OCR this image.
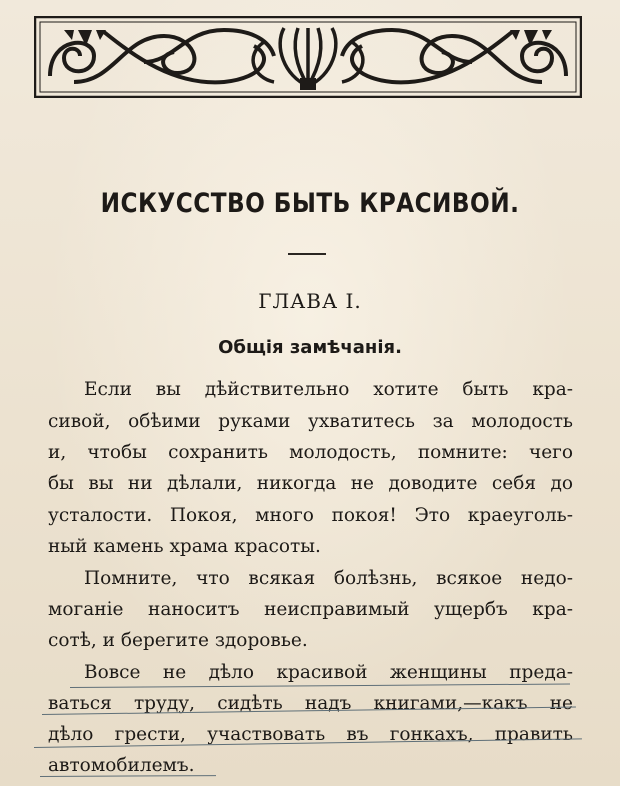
ИСКУССТВО БЫТЬ КРАСИВОЙ.
ГЛАВА I.
Общія замѣчанія.
Если вы дѣйствительно хотите быть кра-
сивой, обѣими руками ухватитесь за молодость
и, чтобы сохранить молодость, помните: чего
бы вы ни дѣлали, никогда не доводите себя до
усталости. Покоя, много покоя! Это краеуголь-
ный камень храма красоты.
Помните, что всякая болѣзнь, всякое недо-
моганіе наноситъ неисправимый ущербъ кра-
сотѣ, и берегите здоровье.
Вовсе не дѣло красивой женщины преда-
ваться труду, сидѣть надъ книгами,—какъ не
дѣло грести, участвовать въ гонкахъ, править
автомобилемъ.
